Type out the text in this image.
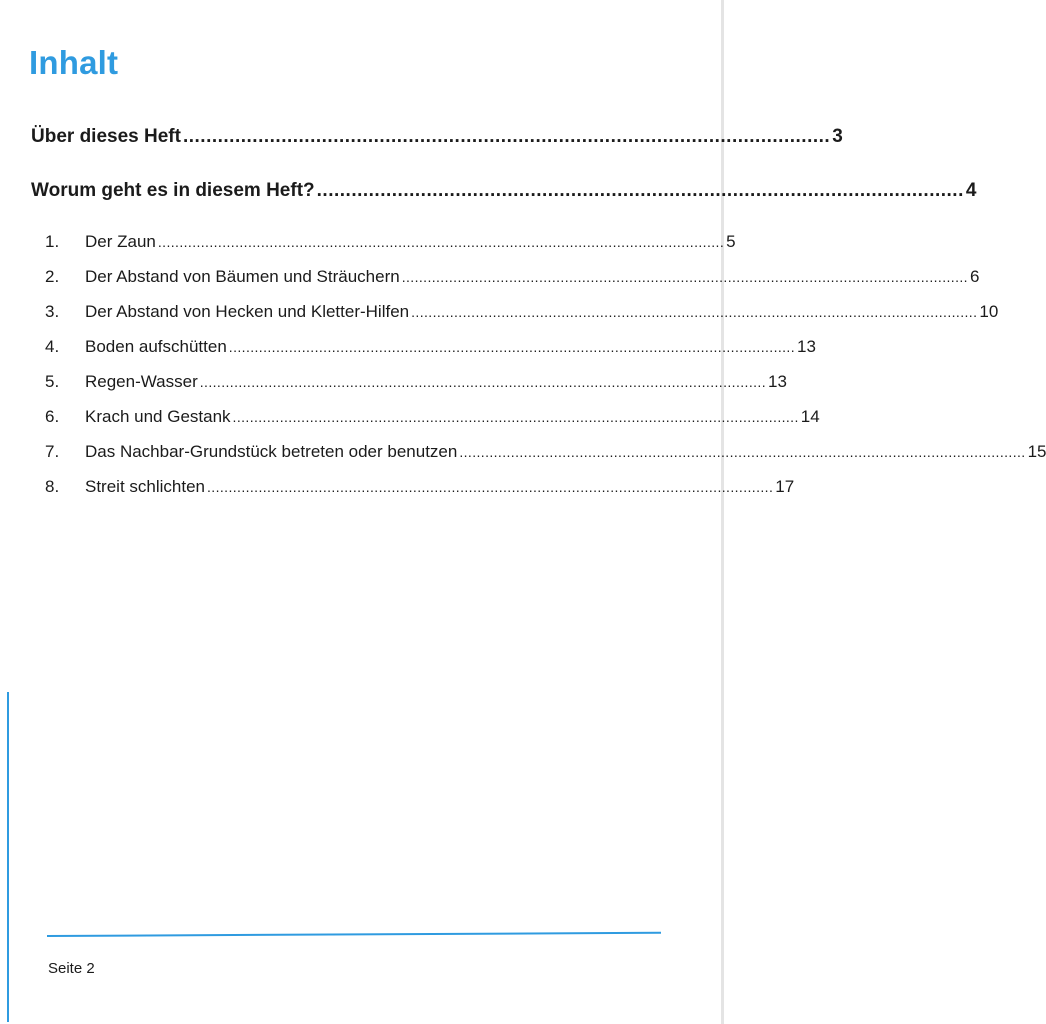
Inhalt
Über dieses Heft ................................................................................................................ 3
Worum geht es in diesem Heft? ................................................................................................................ 4
1.	Der Zaun .................................................................................................................................... 5
2.	Der Abstand von Bäumen und Sträuchern .................................................................................................................................... 6
3.	Der Abstand von Hecken und Kletter-Hilfen .................................................................................................................................... 10
4.	Boden aufschütten .................................................................................................................................... 13
5.	Regen-Wasser .................................................................................................................................... 13
6.	Krach und Gestank .................................................................................................................................... 14
7.	Das Nachbar-Grundstück betreten oder benutzen .................................................................................................................................... 15
8.	Streit schlichten .................................................................................................................................... 17
Seite 2
